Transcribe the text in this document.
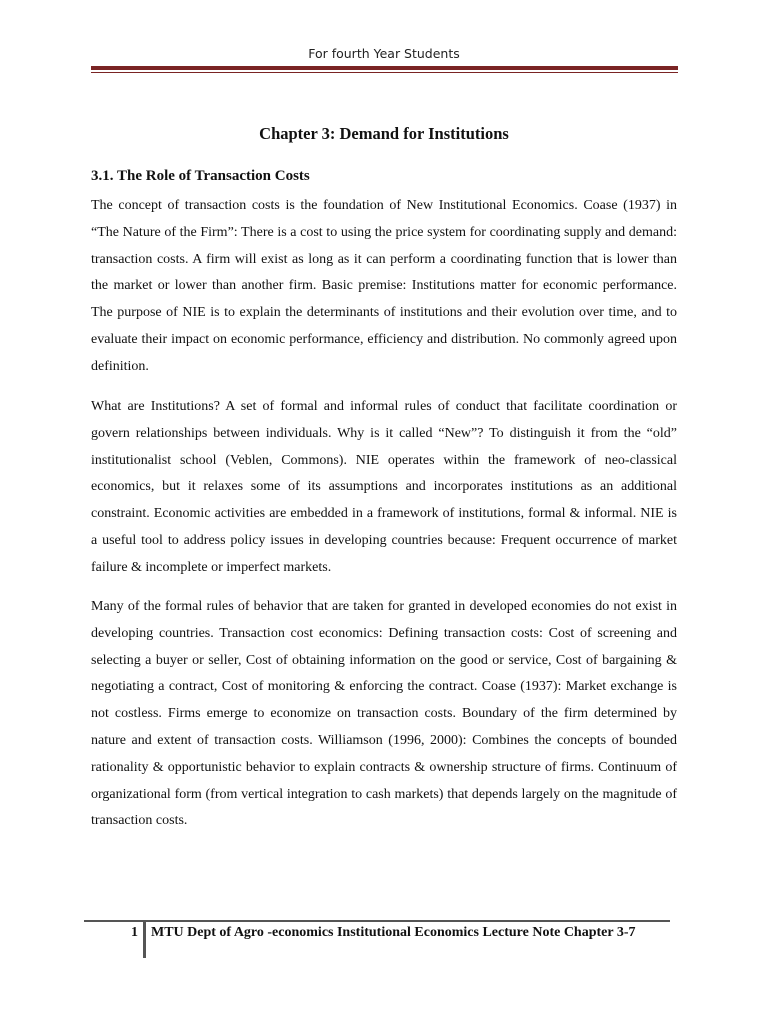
For fourth Year Students
Chapter 3: Demand for Institutions
3.1. The Role of Transaction Costs

The concept of transaction costs is the foundation of New Institutional Economics. Coase (1937) in “The Nature of the Firm”: There is a cost to using the price system for coordinating supply and demand: transaction costs. A firm will exist as long as it can perform a coordinating function that is lower than the market or lower than another firm. Basic premise: Institutions matter for economic performance. The purpose of NIE is to explain the determinants of institutions and their evolution over time, and to evaluate their impact on economic performance, efficiency and distribution. No commonly agreed upon definition.

What are Institutions? A set of formal and informal rules of conduct that facilitate coordination or govern relationships between individuals. Why is it called “New”? To distinguish it from the “old” institutionalist school (Veblen, Commons). NIE operates within the framework of neo-classical economics, but it relaxes some of its assumptions and incorporates institutions as an additional constraint. Economic activities are embedded in a framework of institutions, formal & informal. NIE is a useful tool to address policy issues in developing countries because: Frequent occurrence of market failure & incomplete or imperfect markets.

Many of the formal rules of behavior that are taken for granted in developed economies do not exist in developing countries. Transaction cost economics: Defining transaction costs: Cost of screening and selecting a buyer or seller, Cost of obtaining information on the good or service, Cost of bargaining & negotiating a contract, Cost of monitoring & enforcing the contract. Coase (1937): Market exchange is not costless. Firms emerge to economize on transaction costs. Boundary of the firm determined by nature and extent of transaction costs. Williamson (1996, 2000): Combines the concepts of bounded rationality & opportunistic behavior to explain contracts & ownership structure of firms. Continuum of organizational form (from vertical integration to cash markets) that depends largely on the magnitude of transaction costs.

1 MTU Dept of Agro -economics Institutional Economics Lecture Note Chapter 3-7
